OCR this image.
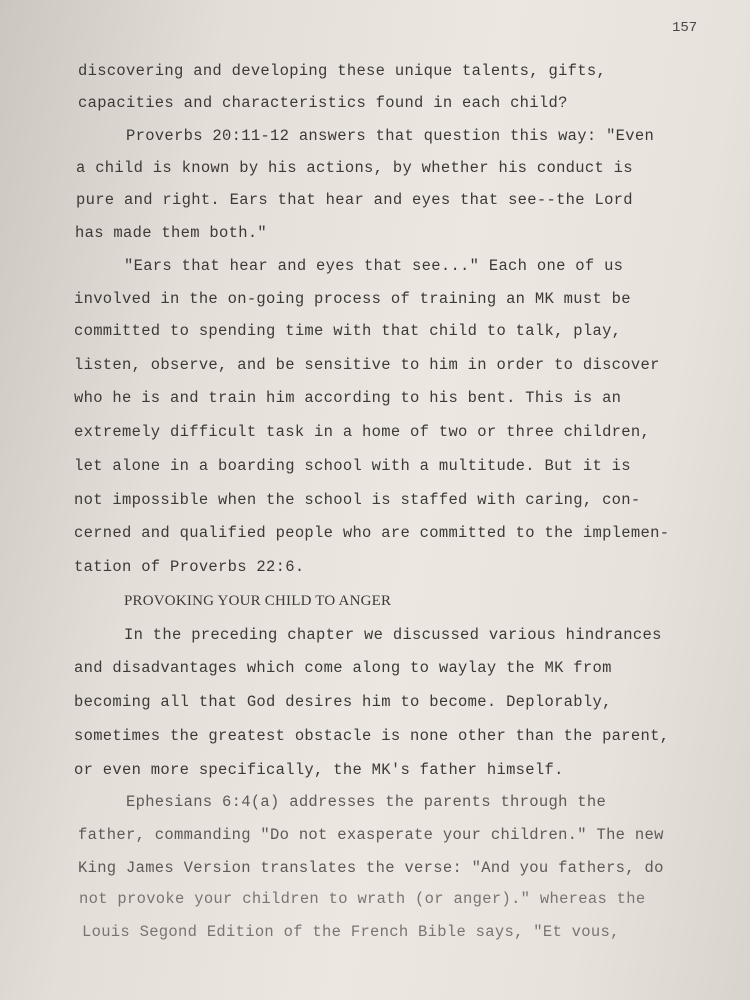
157
discovering and developing these unique talents, gifts,
capacities and characteristics found in each child?
Proverbs 20:11-12 answers that question this way: "Even
a child is known by his actions, by whether his conduct is
pure and right. Ears that hear and eyes that see--the Lord
has made them both."
"Ears that hear and eyes that see..." Each one of us
involved in the on-going process of training an MK must be
committed to spending time with that child to talk, play,
listen, observe, and be sensitive to him in order to discover
who he is and train him according to his bent. This is an
extremely difficult task in a home of two or three children,
let alone in a boarding school with a multitude. But it is
not impossible when the school is staffed with caring, con-
cerned and qualified people who are committed to the implemen-
tation of Proverbs 22:6.
PROVOKING YOUR CHILD TO ANGER
In the preceding chapter we discussed various hindrances
and disadvantages which come along to waylay the MK from
becoming all that God desires him to become. Deplorably,
sometimes the greatest obstacle is none other than the parent,
or even more specifically, the MK's father himself.
Ephesians 6:4(a) addresses the parents through the
father, commanding "Do not exasperate your children." The new
King James Version translates the verse: "And you fathers, do
not provoke your children to wrath (or anger)." whereas the
Louis Segond Edition of the French Bible says, "Et vous,
